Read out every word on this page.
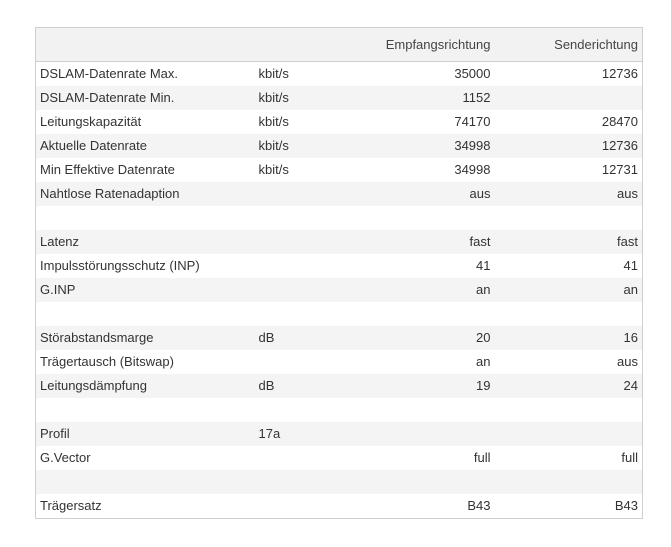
		Empfangsrichtung	Senderichtung
DSLAM-Datenrate Max.	kbit/s	35000	12736
DSLAM-Datenrate Min.	kbit/s	1152	
Leitungskapazität	kbit/s	74170	28470
Aktuelle Datenrate	kbit/s	34998	12736
Min Effektive Datenrate	kbit/s	34998	12731
Nahtlose Ratenadaption		aus	aus

Latenz		fast	fast
Impulsstörungsschutz (INP)		41	41
G.INP		an	an

Störabstandsmarge	dB	20	16
Trägertausch (Bitswap)		an	aus
Leitungsdämpfung	dB	19	24

Profil	17a		
G.Vector		full	full

Trägersatz		B43	B43
